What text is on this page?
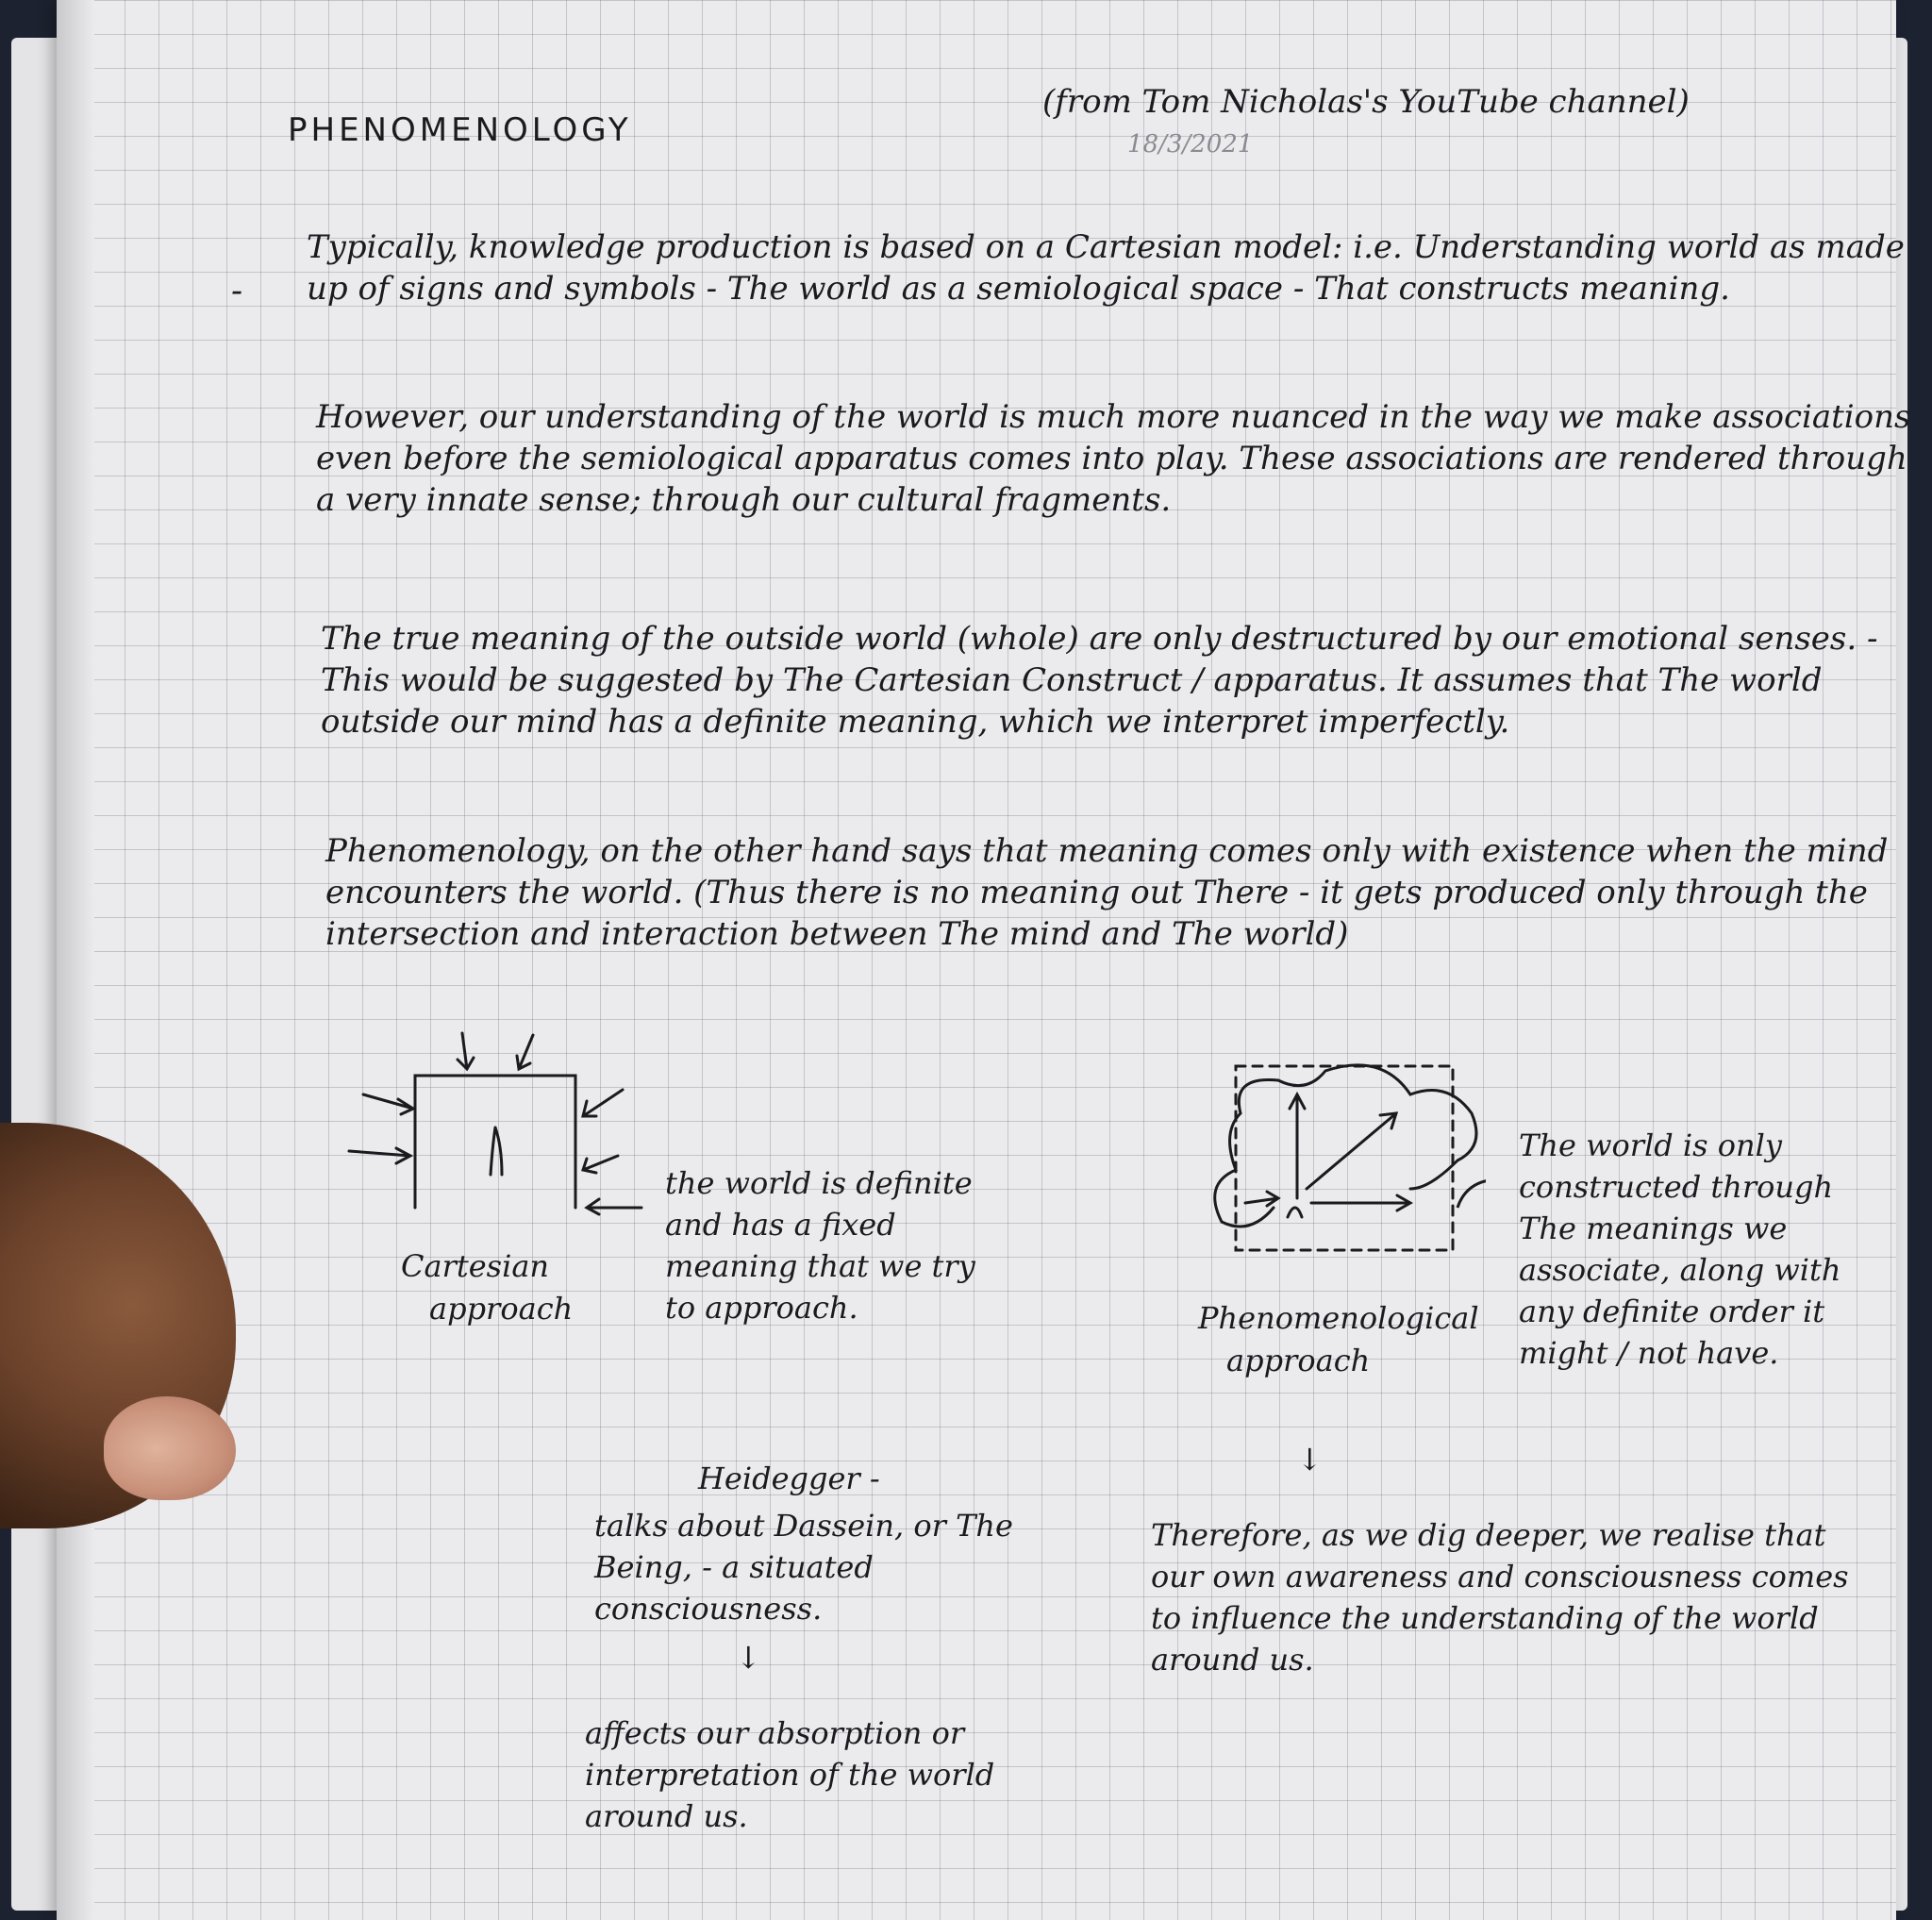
PHENOMENOLOGY

(from Tom Nicholas's YouTube channel)

18/3/2021

-

Typically, knowledge production is based on a Cartesian model: i.e. Understanding world as made up of signs and symbols - The world as a semiological space - That constructs meaning.

However, our understanding of the world is much more nuanced in the way we make associations even before the semiological apparatus comes into play. These associations are rendered through a very innate sense; through our cultural fragments.

The true meaning of the outside world (whole) are only destructured by our emotional senses. - This would be suggested by The Cartesian Construct / apparatus. It assumes that The world outside our mind has a definite meaning, which we interpret imperfectly.

Phenomenology, on the other hand says that meaning comes only with existence when the mind encounters the world. (Thus there is no meaning out There - it gets produced only through the intersection and interaction between The mind and The world)

Cartesian

approach

the world is definite and has a fixed meaning that we try to approach.

The world is only constructed through The meanings we associate, along with any definite order it might / not have.

Phenomenological

approach

↓

Therefore, as we dig deeper, we realise that our own awareness and consciousness comes to influence the understanding of the world around us.

Heidegger -

talks about Dassein, or The Being, - a situated consciousness.

↓

affects our absorption or interpretation of the world around us.
